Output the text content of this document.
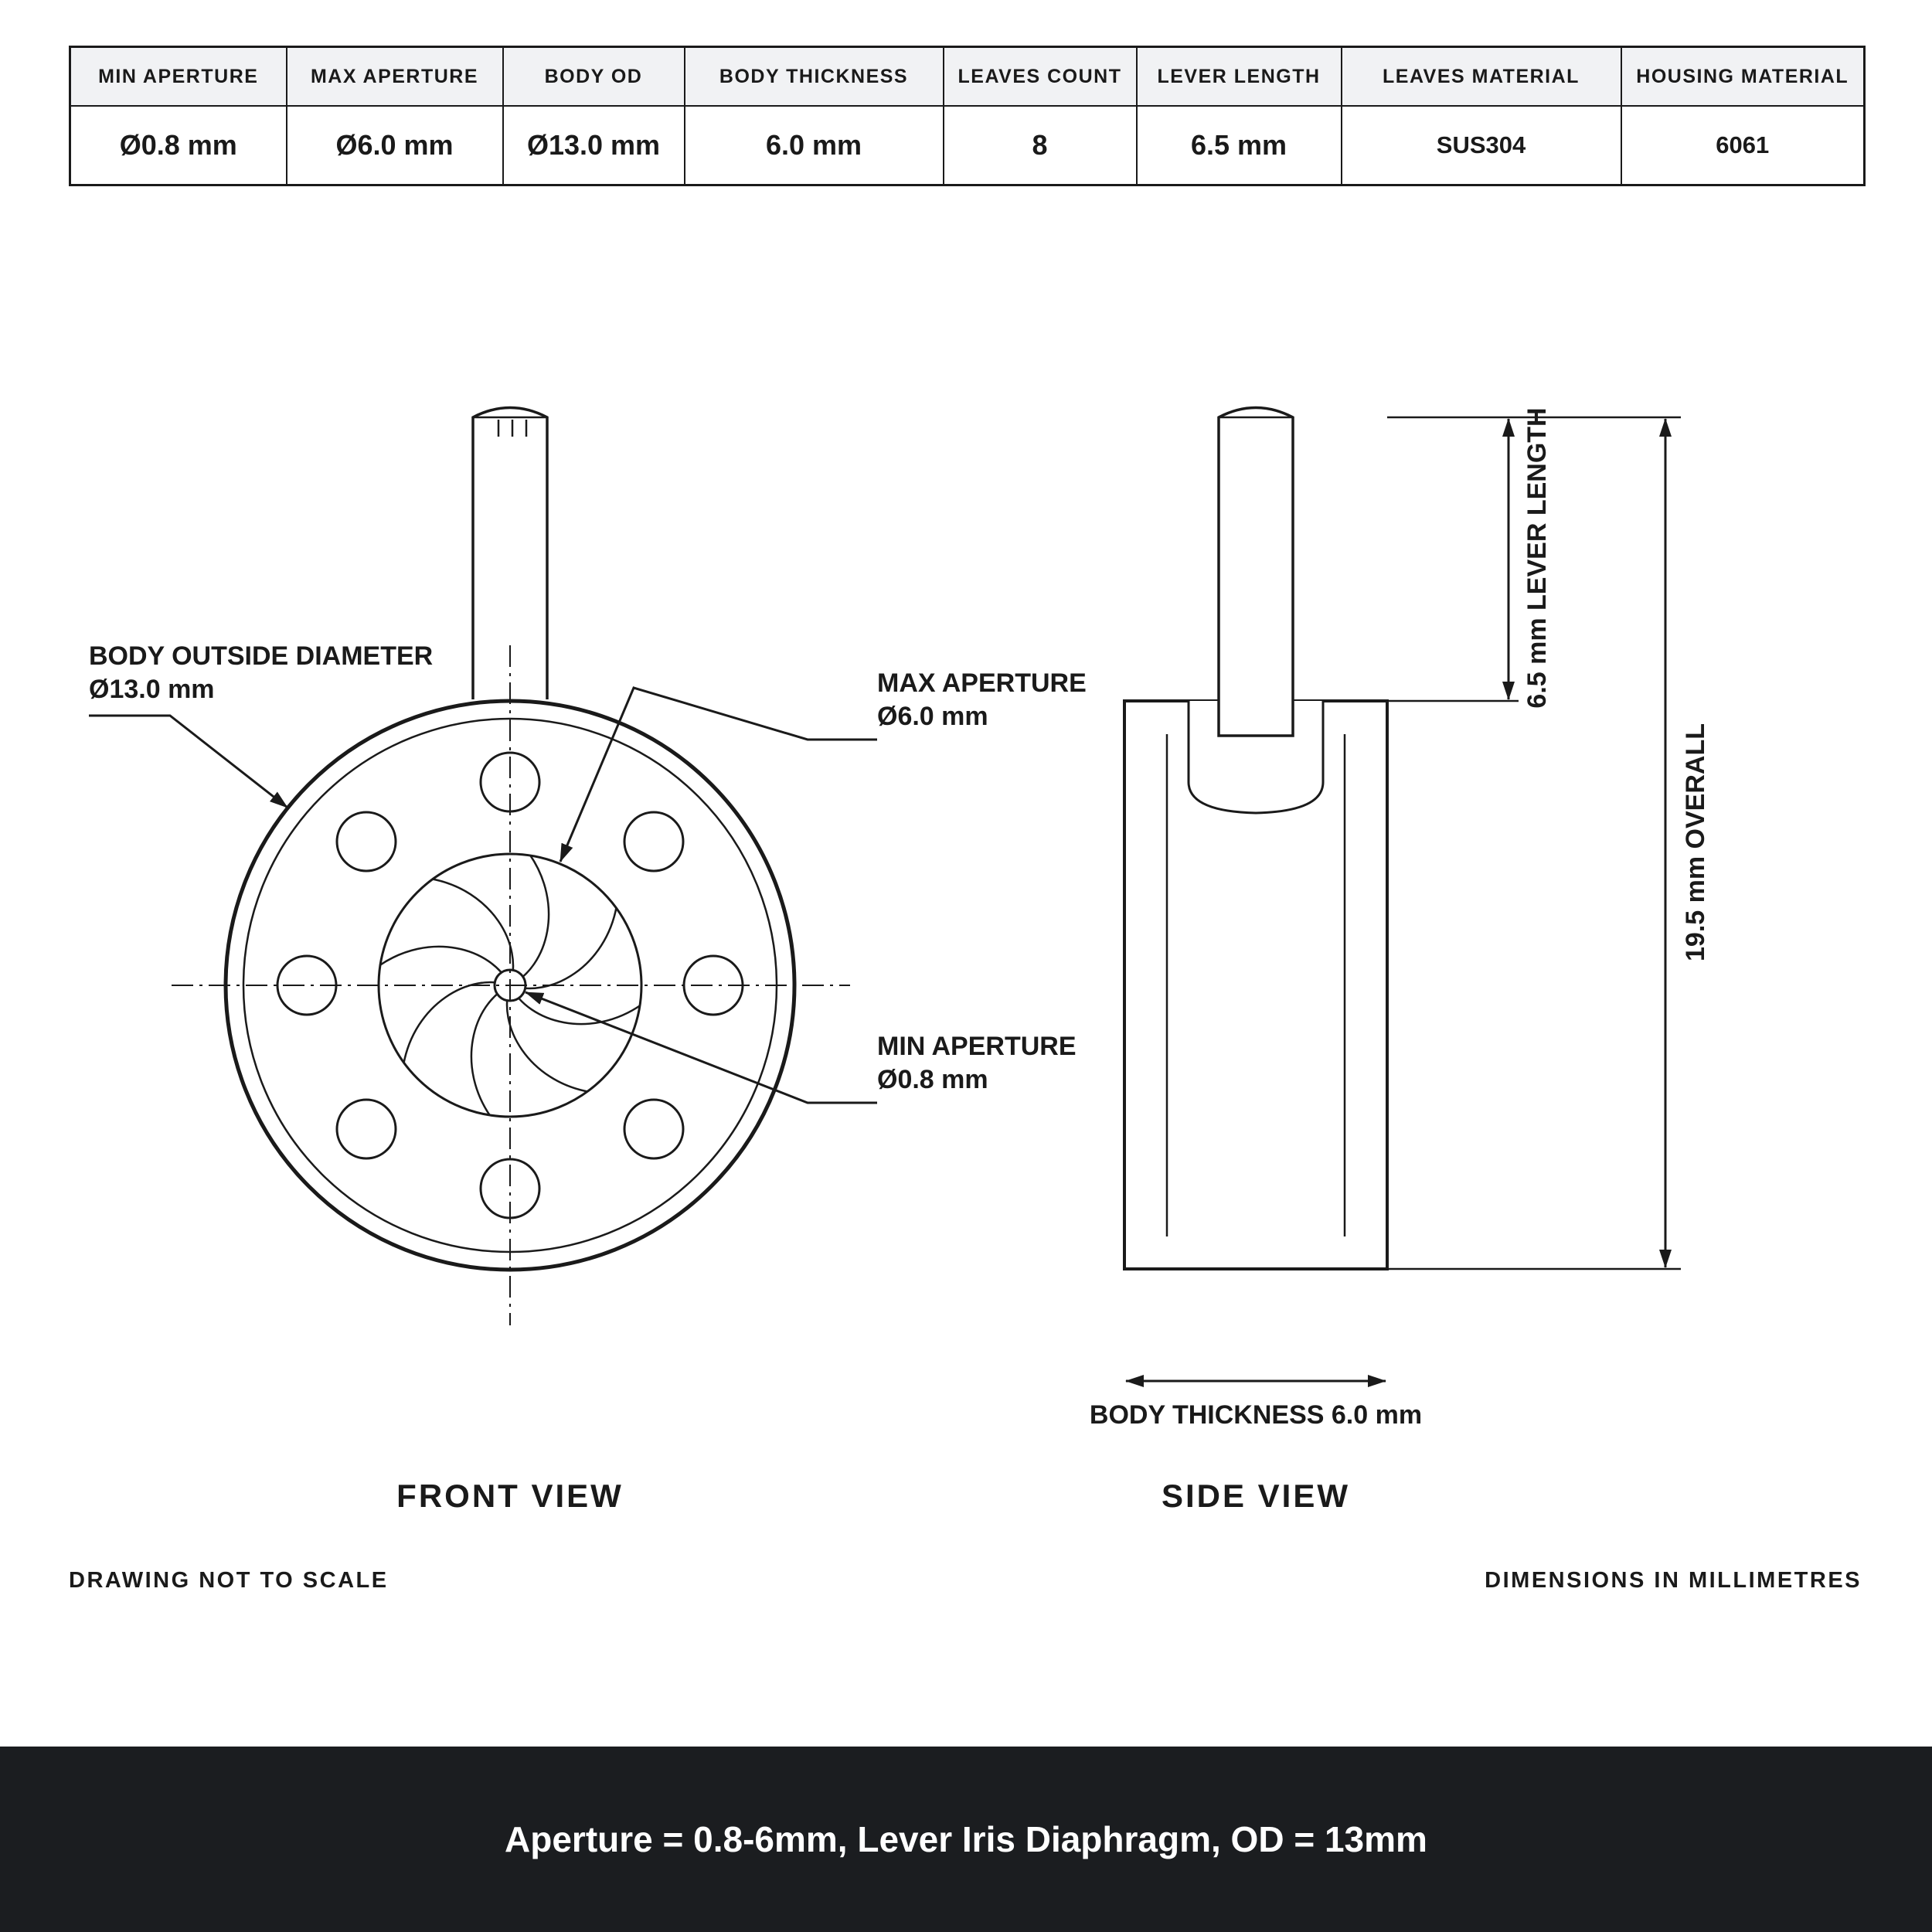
MIN APERTURE	MAX APERTURE	BODY OD	BODY THICKNESS	LEAVES COUNT	LEVER LENGTH	LEAVES MATERIAL	HOUSING MATERIAL
Ø0.8 mm	Ø6.0 mm	Ø13.0 mm	6.0 mm	8	6.5 mm	SUS304	6061
BODY OUTSIDE DIAMETER
Ø13.0 mm	MAX APERTURE
Ø6.0 mm
MIN APERTURE
Ø0.8 mm
FRONT VIEW
6.5 mm LEVER LENGTH
19.5 mm OVERALL
BODY THICKNESS 6.0 mm
SIDE VIEW
DRAWING NOT TO SCALE	DIMENSIONS IN MILLIMETRES
Aperture = 0.8-6mm, Lever Iris Diaphragm, OD = 13mm
